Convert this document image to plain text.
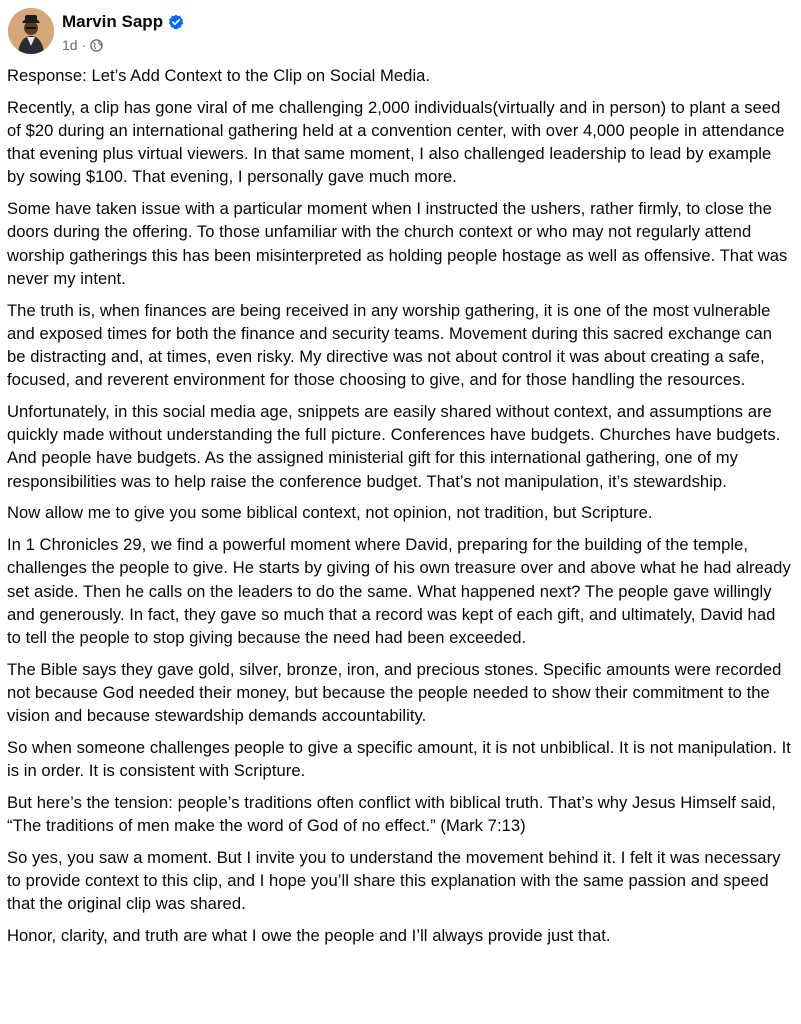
Marvin Sapp
1d ·

Response: Let’s Add Context to the Clip on Social Media.

Recently, a clip has gone viral of me challenging 2,000 individuals(virtually and in person) to plant a seed of $20 during an international gathering held at a convention center, with over 4,000 people in attendance that evening plus virtual viewers. In that same moment, I also challenged leadership to lead by example by sowing $100. That evening, I personally gave much more.

Some have taken issue with a particular moment when I instructed the ushers, rather firmly, to close the doors during the offering. To those unfamiliar with the church context or who may not regularly attend worship gatherings this has been misinterpreted as holding people hostage as well as offensive. That was never my intent.

The truth is, when finances are being received in any worship gathering, it is one of the most vulnerable and exposed times for both the finance and security teams. Movement during this sacred exchange can be distracting and, at times, even risky. My directive was not about control it was about creating a safe, focused, and reverent environment for those choosing to give, and for those handling the resources.

Unfortunately, in this social media age, snippets are easily shared without context, and assumptions are quickly made without understanding the full picture. Conferences have budgets. Churches have budgets. And people have budgets. As the assigned ministerial gift for this international gathering, one of my responsibilities was to help raise the conference budget. That’s not manipulation, it’s stewardship.

Now allow me to give you some biblical context, not opinion, not tradition, but Scripture.

In 1 Chronicles 29, we find a powerful moment where David, preparing for the building of the temple, challenges the people to give. He starts by giving of his own treasure over and above what he had already set aside. Then he calls on the leaders to do the same. What happened next? The people gave willingly and generously. In fact, they gave so much that a record was kept of each gift, and ultimately, David had to tell the people to stop giving because the need had been exceeded.

The Bible says they gave gold, silver, bronze, iron, and precious stones. Specific amounts were recorded not because God needed their money, but because the people needed to show their commitment to the vision and because stewardship demands accountability.

So when someone challenges people to give a specific amount, it is not unbiblical. It is not manipulation. It is in order. It is consistent with Scripture.

But here’s the tension: people’s traditions often conflict with biblical truth. That’s why Jesus Himself said, “The traditions of men make the word of God of no effect.” (Mark 7:13)

So yes, you saw a moment. But I invite you to understand the movement behind it. I felt it was necessary to provide context to this clip, and I hope you’ll share this explanation with the same passion and speed that the original clip was shared.

Honor, clarity, and truth are what I owe the people and I’ll always provide just that.
